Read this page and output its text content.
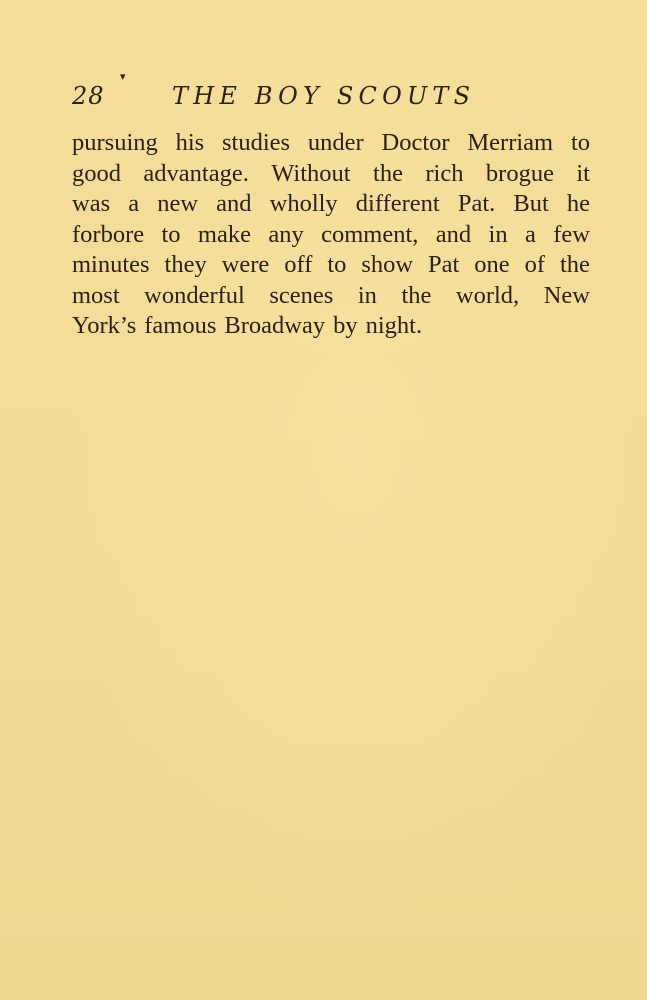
28
▾
THE BOY SCOUTS
pursuing his studies under Doctor Merriam to
good advantage. Without the rich brogue it
was a new and wholly different Pat. But he
forbore to make any comment, and in a few
minutes they were off to show Pat one of the
most wonderful scenes in the world, New
York’s famous Broadway by night.
